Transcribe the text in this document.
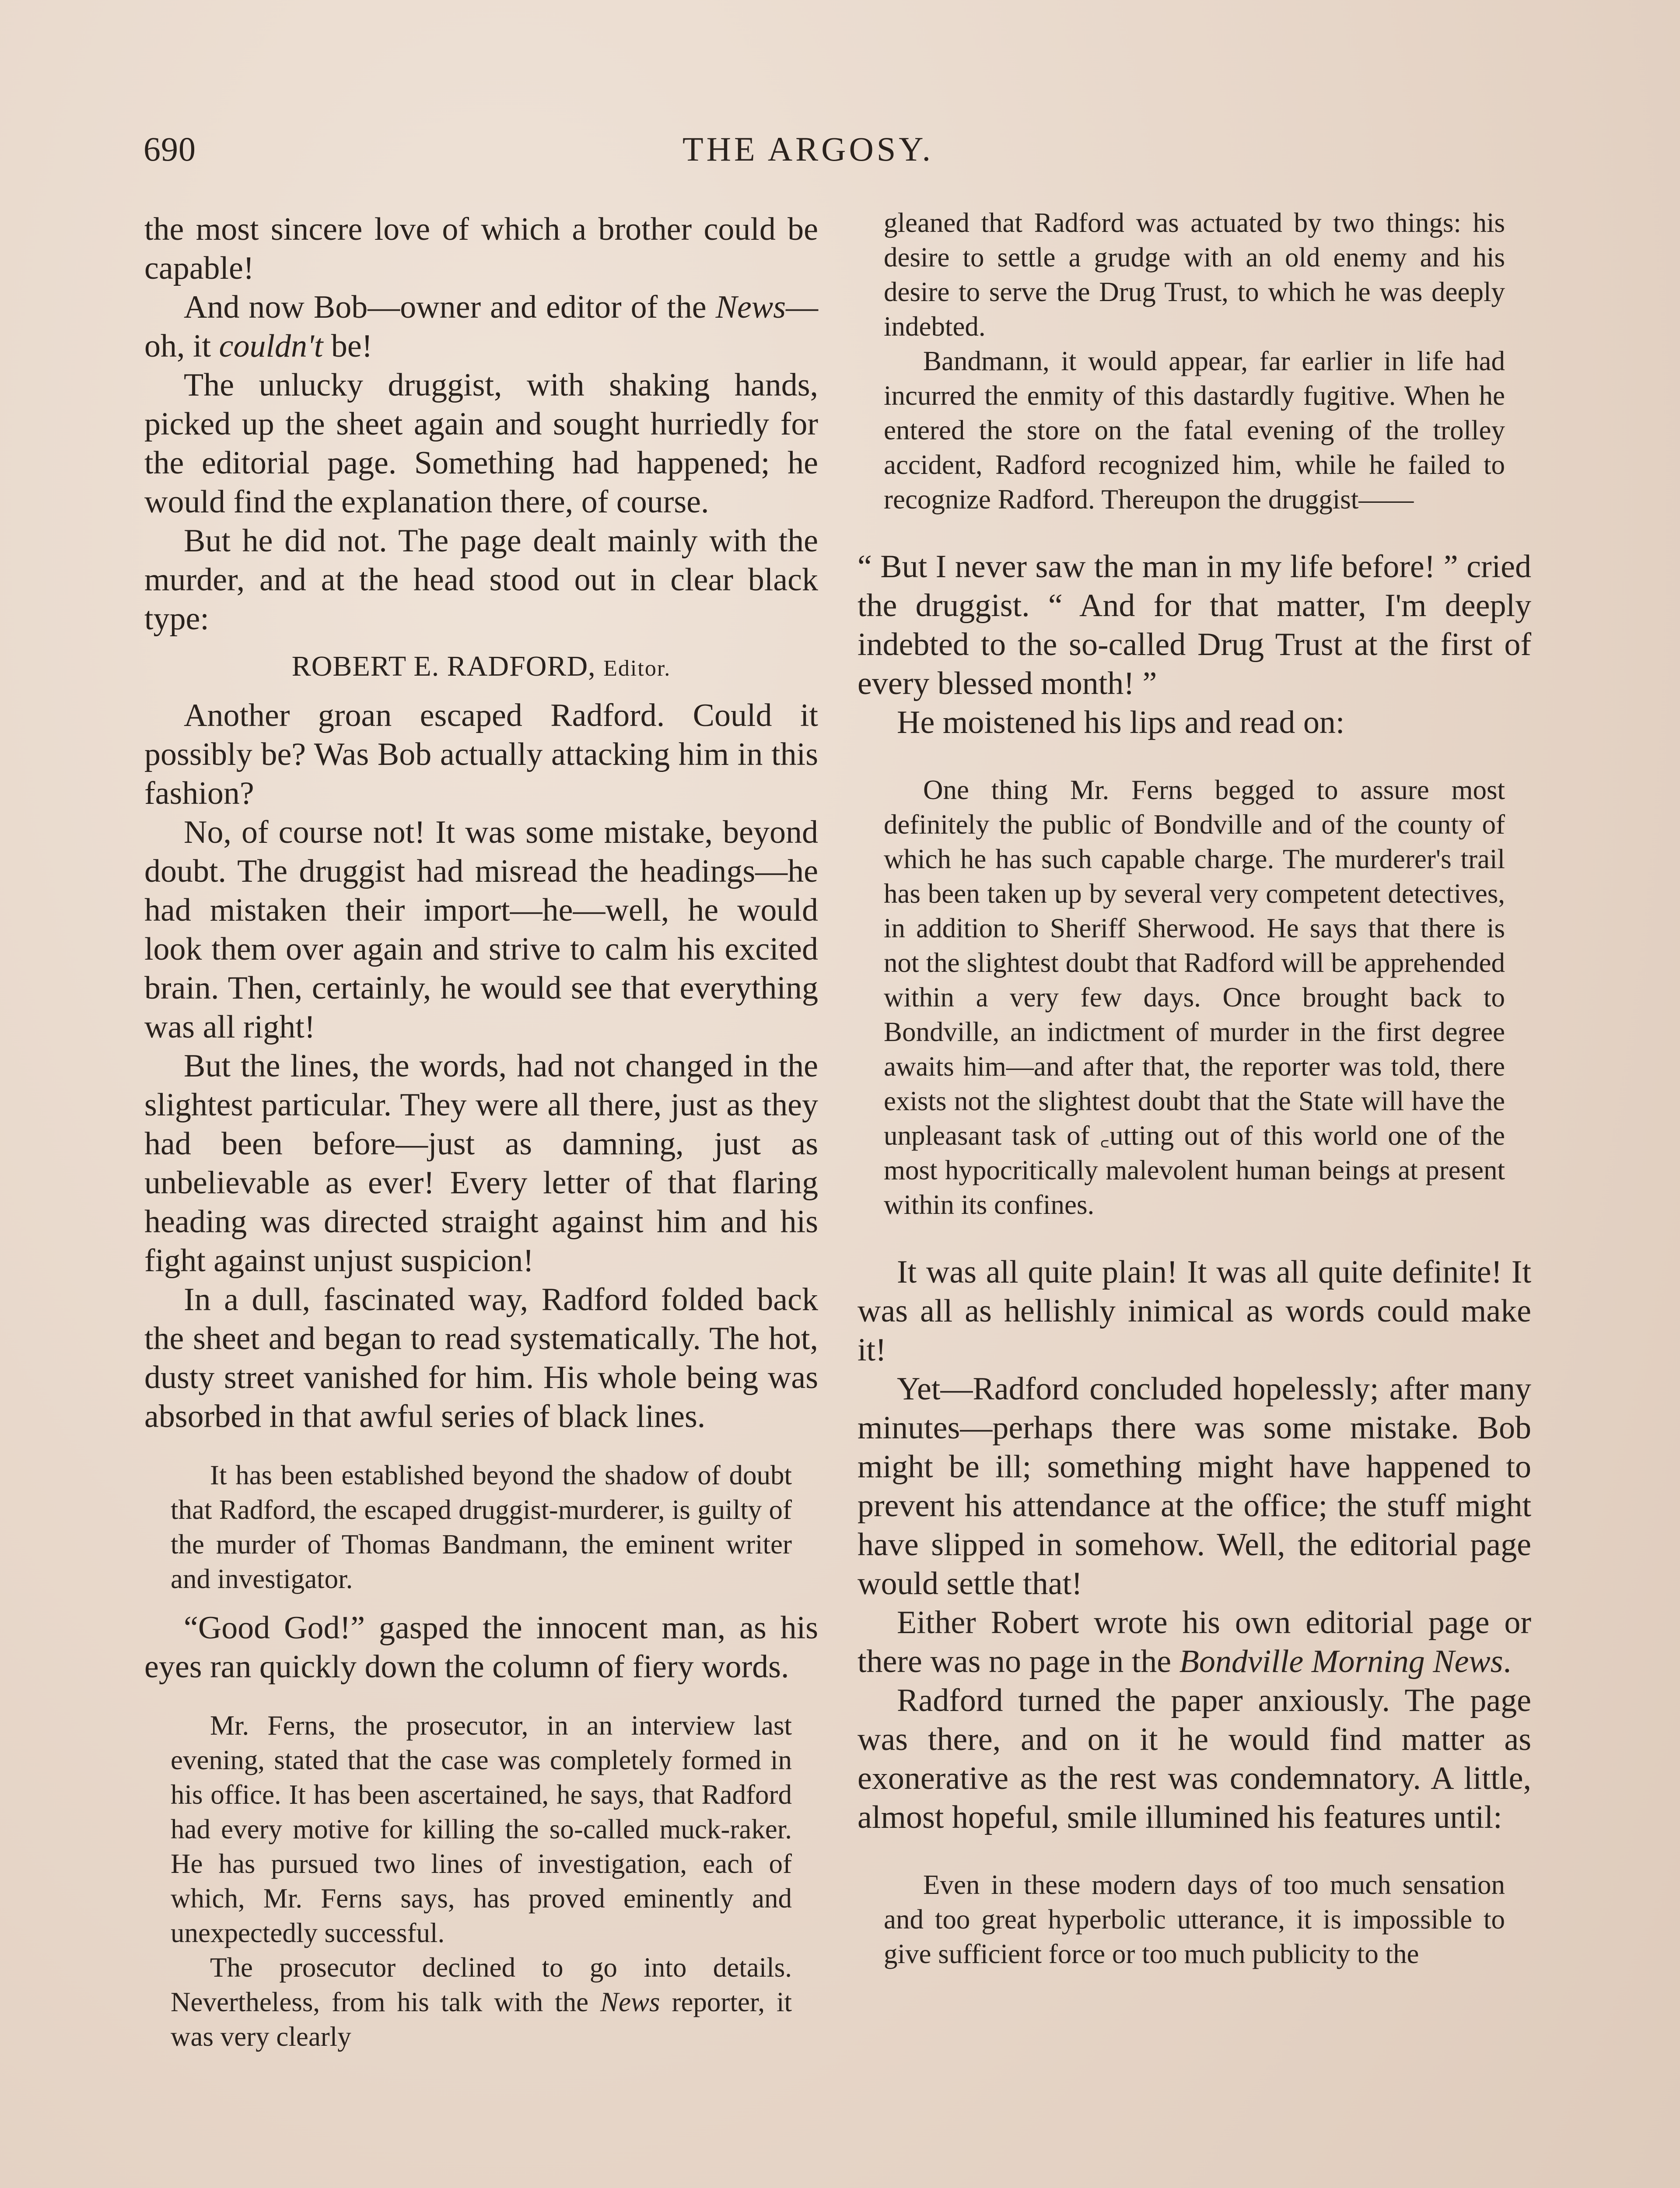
690	THE ARGOSY.

the most sincere love of which a brother could be capable!

And now Bob—owner and editor of the News—oh, it couldn't be!

The unlucky druggist, with shaking hands, picked up the sheet again and sought hurriedly for the editorial page. Something had happened; he would find the explanation there, of course.

But he did not. The page dealt mainly with the murder, and at the head stood out in clear black type:

ROBERT E. RADFORD, Editor.

Another groan escaped Radford. Could it possibly be? Was Bob actually attacking him in this fashion?

No, of course not! It was some mistake, beyond doubt. The druggist had misread the headings—he had mistaken their import—he—well, he would look them over again and strive to calm his excited brain. Then, certainly, he would see that everything was all right!

But the lines, the words, had not changed in the slightest particular. They were all there, just as they had been before—just as damning, just as unbelievable as ever! Every letter of that flaring heading was directed straight against him and his fight against unjust suspicion!

In a dull, fascinated way, Radford folded back the sheet and began to read systematically. The hot, dusty street vanished for him. His whole being was absorbed in that awful series of black lines.

It has been established beyond the shadow of doubt that Radford, the escaped druggist-murderer, is guilty of the murder of Thomas Bandmann, the eminent writer and investigator.

“Good God!” gasped the innocent man, as his eyes ran quickly down the column of fiery words.

Mr. Ferns, the prosecutor, in an interview last evening, stated that the case was completely formed in his office. It has been ascertained, he says, that Radford had every motive for killing the so-called muck-raker. He has pursued two lines of investigation, each of which, Mr. Ferns says, has proved eminently and unexpectedly successful.

The prosecutor declined to go into details. Nevertheless, from his talk with the News reporter, it was very clearly

gleaned that Radford was actuated by two things: his desire to settle a grudge with an old enemy and his desire to serve the Drug Trust, to which he was deeply indebted.

Bandmann, it would appear, far earlier in life had incurred the enmity of this dastardly fugitive. When he entered the store on the fatal evening of the trolley accident, Radford recognized him, while he failed to recognize Radford. Thereupon the druggist——

“ But I never saw the man in my life before! ” cried the druggist. “ And for that matter, I'm deeply indebted to the so-called Drug Trust at the first of every blessed month! ”

He moistened his lips and read on:

One thing Mr. Ferns begged to assure most definitely the public of Bondville and of the county of which he has such capable charge. The murderer's trail has been taken up by several very competent detectives, in addition to Sheriff Sherwood. He says that there is not the slightest doubt that Radford will be apprehended within a very few days. Once brought back to Bondville, an indictment of murder in the first degree awaits him—and after that, the reporter was told, there exists not the slightest doubt that the State will have the unpleasant task of ꜀utting out of this world one of the most hypocritically malevolent human beings at present within its confines.

It was all quite plain! It was all quite definite! It was all as hellishly inimical as words could make it!

Yet—Radford concluded hopelessly; after many minutes—perhaps there was some mistake. Bob might be ill; something might have happened to prevent his attendance at the office; the stuff might have slipped in somehow. Well, the editorial page would settle that!

Either Robert wrote his own editorial page or there was no page in the Bondville Morning News.

Radford turned the paper anxiously. The page was there, and on it he would find matter as exonerative as the rest was condemnatory. A little, almost hopeful, smile illumined his features until:

Even in these modern days of too much sensation and too great hyperbolic utterance, it is impossible to give sufficient force or too much publicity to the
